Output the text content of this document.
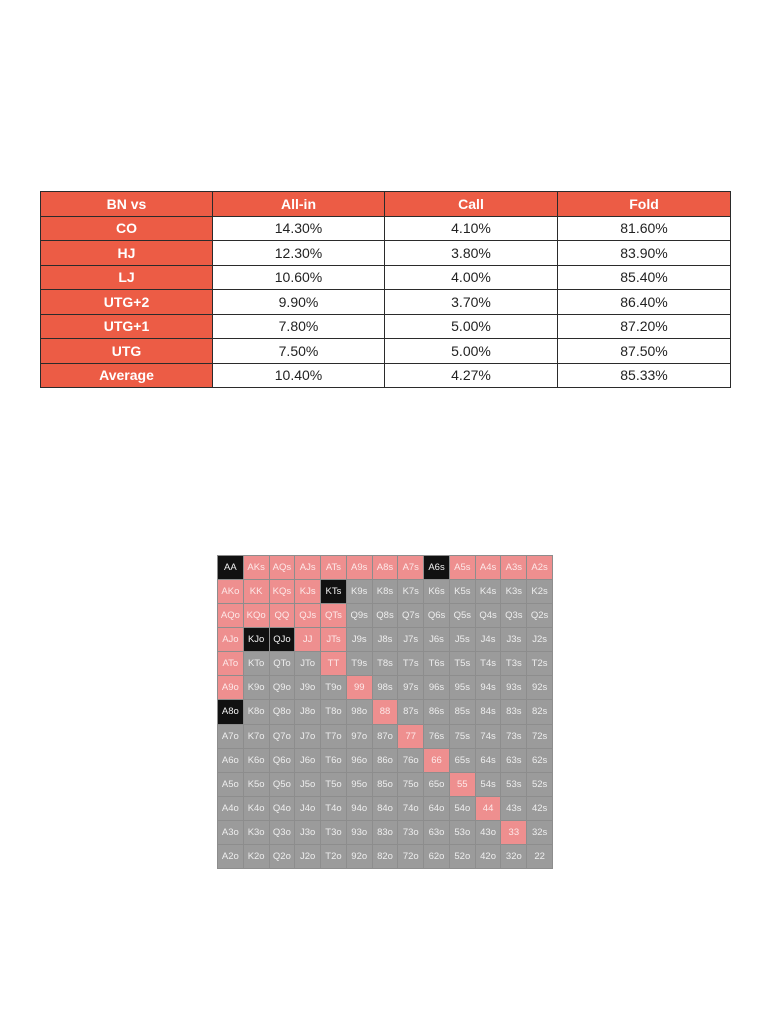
BN vs	All-in	Call	Fold
CO	14.30%	4.10%	81.60%
HJ	12.30%	3.80%	83.90%
LJ	10.60%	4.00%	85.40%
UTG+2	9.90%	3.70%	86.40%
UTG+1	7.80%	5.00%	87.20%
UTG	7.50%	5.00%	87.50%
Average	10.40%	4.27%	85.33%
AA	AKs AQs AJs	ATs	A9s A8s A7s A6s A5s A4s A3s A2s
AKo	KK	KQs KJs	KTs	K9s K8s K7s K6s K5s K4s K3s K2s
AQo KQo QQ	QJs QTs Q9s Q8s Q7s Q6s Q5s Q4s Q3s Q2s
AJo KJo QJo	JJ	JTs	J9s	J8s	J7s	J6s	J5s	J4s	J3s	J2s
ATo	KTo QTo	JTo	TT	T9s	T8s	T7s	T6s	T5s	T4s	T3s	T2s
A9o K9o Q9o J9o	T9o	99	98s	97s	96s	95s	94s	93s	92s
A8o K8o Q8o J8o	T8o	98o	88	87s	86s	85s	84s	83s	82s
A7o K7o Q7o J7o	T7o	97o	87o	77	76s	75s	74s	73s	72s
A6o K6o Q6o J6o	T6o	96o	86o	76o	66	65s	64s	63s	62s
A5o K5o Q5o J5o	T5o	95o	85o	75o	65o	55	54s	53s	52s
A4o K4o Q4o J4o	T4o	94o	84o	74o	64o	54o	44	43s	42s
A3o K3o Q3o J3o	T3o	93o	83o	73o	63o	53o	43o	33	32s
A2o K2o Q2o J2o	T2o	92o	82o	72o	62o	52o	42o	32o	22
